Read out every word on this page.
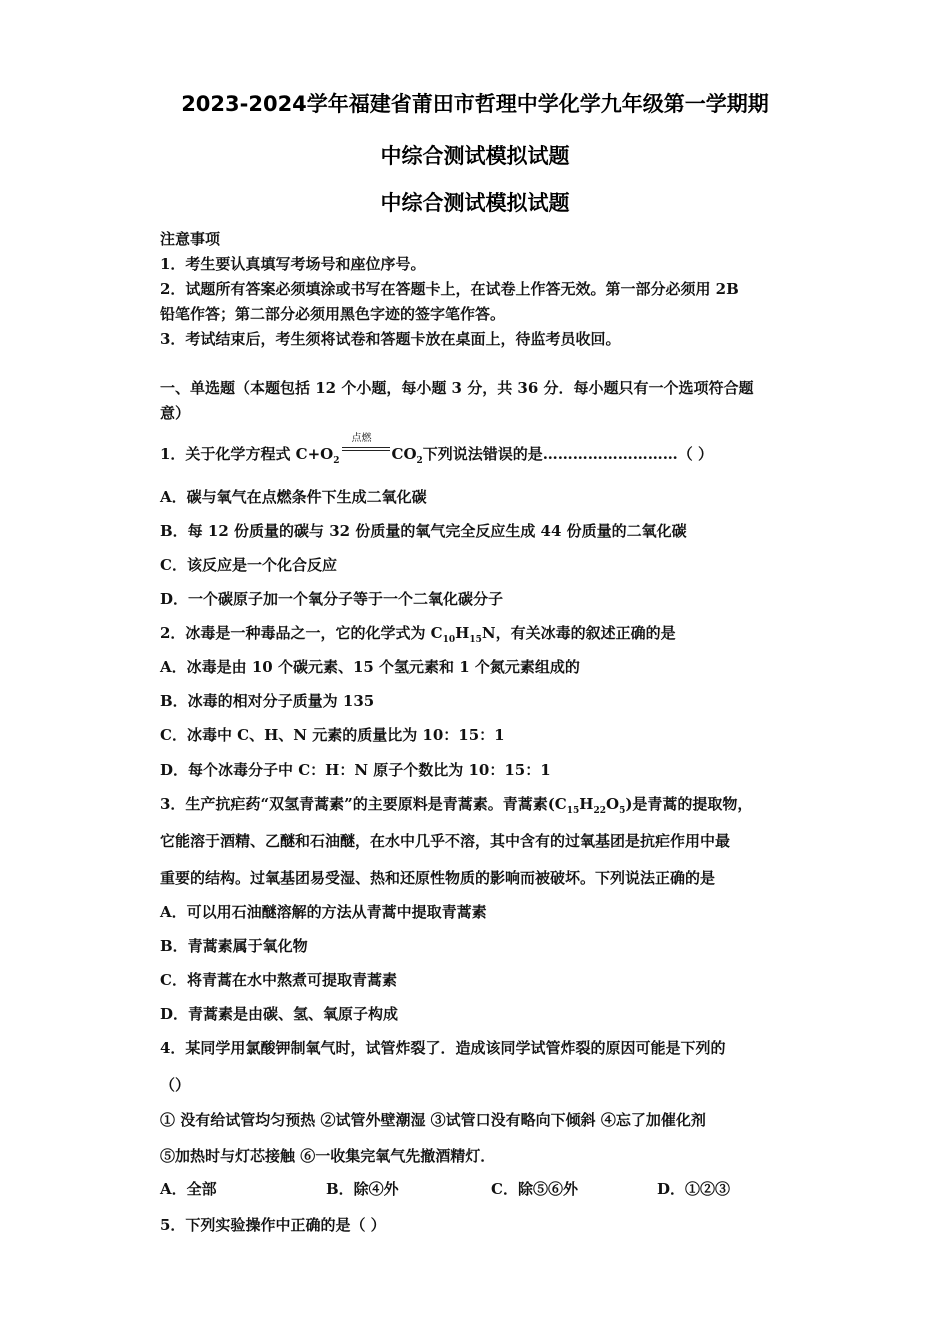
2023-2024学年福建省莆田市哲理中学化学九年级第一学期期
中综合测试模拟试题
中综合测试模拟试题
注意事项
1．考生要认真填写考场号和座位序号。
2．试题所有答案必须填涂或书写在答题卡上，在试卷上作答无效。第一部分必须用 2B
铅笔作答；第二部分必须用黑色字迹的签字笔作答。
3．考试结束后，考生须将试卷和答题卡放在桌面上，待监考员收回。
一、单选题（本题包括 12 个小题，每小题 3 分，共 36 分．每小题只有一个选项符合题
意）
1．关于化学方程式 $C+O_2$
点燃
$CO_2$下列说法错误的是………………………（ ）
A．碳与氧气在点燃条件下生成二氧化碳
B．每 12 份质量的碳与 32 份质量的氧气完全反应生成 44 份质量的二氧化碳
C．该反应是一个化合反应
D．一个碳原子加一个氧分子等于一个二氧化碳分子
2．冰毒是一种毒品之一，它的化学式为 $C_{10}H_{15}N$，有关冰毒的叙述正确的是
A．冰毒是由 10 个碳元素、15 个氢元素和 1 个氮元素组成的
B．冰毒的相对分子质量为 135
C．冰毒中 C、H、N 元素的质量比为 10：15：1
D．每个冰毒分子中 C：H：N 原子个数比为 10：15：1
3．生产抗疟药“双氢青蒿素”的主要原料是青蒿素。青蒿素$(C_{15}H_{22}O_5)$是青蒿的提取物，
它能溶于酒精、乙醚和石油醚，在水中几乎不溶，其中含有的过氧基团是抗疟作用中最
重要的结构。过氧基团易受湿、热和还原性物质的影响而被破坏。下列说法正确的是
A．可以用石油醚溶解的方法从青蒿中提取青蒿素
B．青蒿素属于氧化物
C．将青蒿在水中熬煮可提取青蒿素
D．青蒿素是由碳、氢、氧原子构成
4．某同学用氯酸钾制氧气时，试管炸裂了．造成该同学试管炸裂的原因可能是下列的
（）
① 没有给试管均匀预热 ②试管外壁潮湿 ③试管口没有略向下倾斜 ④忘了加催化剂
⑤加热时与灯芯接触 ⑥一收集完氧气先撤酒精灯．
A．全部	B．除④外	C．除⑤⑥外	D．①②③
5．下列实验操作中正确的是（ ）
